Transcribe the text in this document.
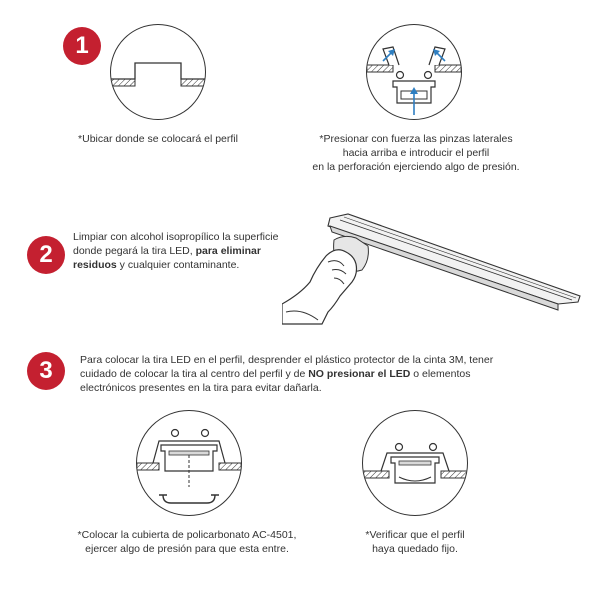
1
*Ubicar donde se colocará el perfil	*Presionar con fuerza las pinzas laterales
hacia arriba e introducir el perfil
en la perforación ejerciendo algo de presión.
2
Limpiar con alcohol isopropílico la superficie
donde pegará la tira LED, para eliminar
residuos y cualquier contaminante.
3	Para colocar la tira LED en el perfil, desprender el plástico protector de la cinta 3M, tener
cuidado de colocar la tira al centro del perfil y de NO presionar el LED o elementos
electrónicos presentes en la tira para evitar dañarla.
*Colocar la cubierta de policarbonato AC-4501,
ejercer algo de presión para que esta entre.
*Verificar que el perfil
haya quedado fijo.
